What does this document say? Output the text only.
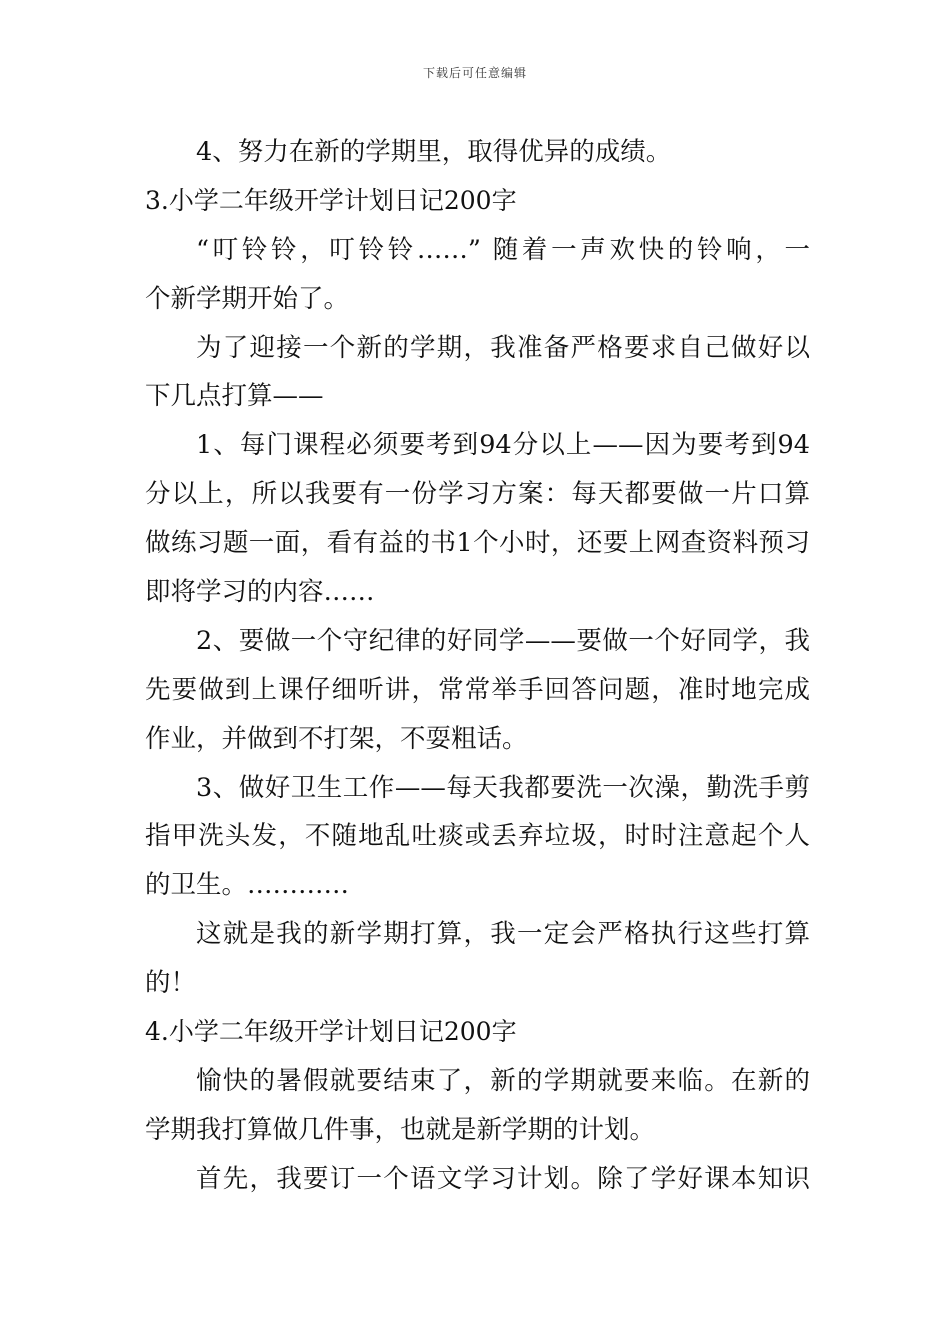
下载后可任意编辑
4、努力在新的学期里，取得优异的成绩。
3.小学二年级开学计划日记200字
“叮铃铃，叮铃铃……” 随着一声欢快的铃响，一
个新学期开始了。
为了迎接一个新的学期，我准备严格要求自己做好以
下几点打算——
1、每门课程必须要考到94分以上——因为要考到94
分以上，所以我要有一份学习方案：每天都要做一片口算
做练习题一面，看有益的书1个小时，还要上网查资料预习
即将学习的内容……
2、要做一个守纪律的好同学——要做一个好同学，我
先要做到上课仔细听讲，常常举手回答问题，准时地完成
作业，并做到不打架，不耍粗话。
3、做好卫生工作——每天我都要洗一次澡，勤洗手剪
指甲洗头发，不随地乱吐痰或丢弃垃圾，时时注意起个人
的卫生。…………
这就是我的新学期打算，我一定会严格执行这些打算
的！
4.小学二年级开学计划日记200字
愉快的暑假就要结束了，新的学期就要来临。在新的
学期我打算做几件事，也就是新学期的计划。
首先，我要订一个语文学习计划。除了学好课本知识
